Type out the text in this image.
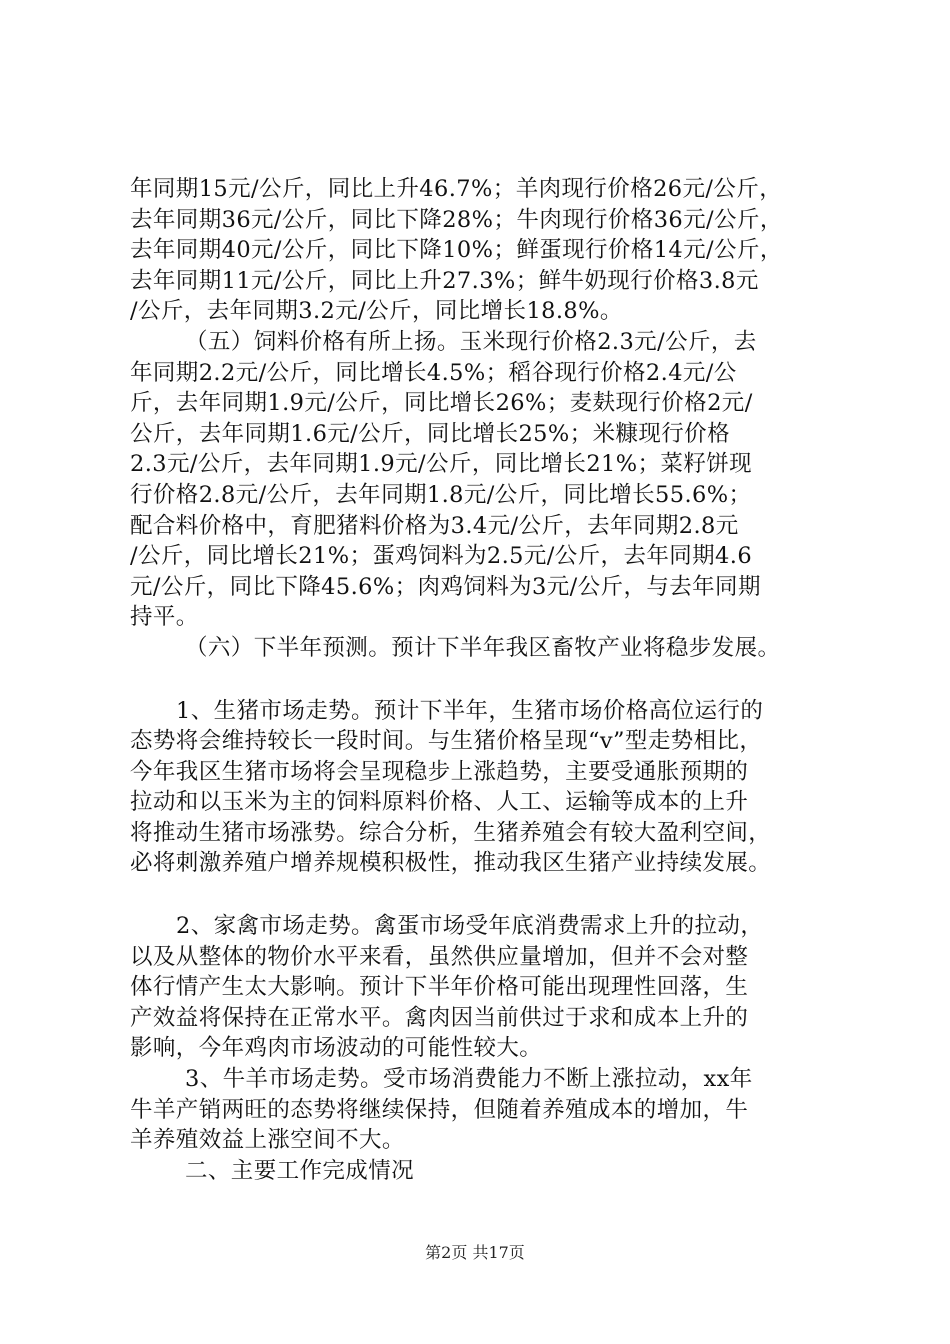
年同期15元/公斤，同比上升46.7%；羊肉现行价格26元/公斤，
去年同期36元/公斤，同比下降28%；牛肉现行价格36元/公斤，
去年同期40元/公斤，同比下降10%；鲜蛋现行价格14元/公斤，
去年同期11元/公斤，同比上升27.3%；鲜牛奶现行价格3.8元
/公斤，去年同期3.2元/公斤，同比增长18.8%。
（五）饲料价格有所上扬。玉米现行价格2.3元/公斤，去
年同期2.2元/公斤，同比增长4.5%；稻谷现行价格2.4元/公
斤，去年同期1.9元/公斤，同比增长26%；麦麸现行价格2元/
公斤，去年同期1.6元/公斤，同比增长25%；米糠现行价格
2.3元/公斤，去年同期1.9元/公斤，同比增长21%；菜籽饼现
行价格2.8元/公斤，去年同期1.8元/公斤，同比增长55.6%；
配合料价格中，育肥猪料价格为3.4元/公斤，去年同期2.8元
/公斤，同比增长21%；蛋鸡饲料为2.5元/公斤，去年同期4.6
元/公斤，同比下降45.6%；肉鸡饲料为3元/公斤，与去年同期
持平。
（六）下半年预测。预计下半年我区畜牧产业将稳步发展。
1、生猪市场走势。预计下半年，生猪市场价格高位运行的
态势将会维持较长一段时间。与生猪价格呈现“v”型走势相比，
今年我区生猪市场将会呈现稳步上涨趋势，主要受通胀预期的
拉动和以玉米为主的饲料原料价格、人工、运输等成本的上升
将推动生猪市场涨势。综合分析，生猪养殖会有较大盈利空间，
必将刺激养殖户增养规模积极性，推动我区生猪产业持续发展。
2、家禽市场走势。禽蛋市场受年底消费需求上升的拉动，
以及从整体的物价水平来看，虽然供应量增加，但并不会对整
体行情产生太大影响。预计下半年价格可能出现理性回落，生
产效益将保持在正常水平。禽肉因当前供过于求和成本上升的
影响，今年鸡肉市场波动的可能性较大。
3、牛羊市场走势。受市场消费能力不断上涨拉动，xx年
牛羊产销两旺的态势将继续保持，但随着养殖成本的增加，牛
羊养殖效益上涨空间不大。
二、主要工作完成情况
第2页 共17页
